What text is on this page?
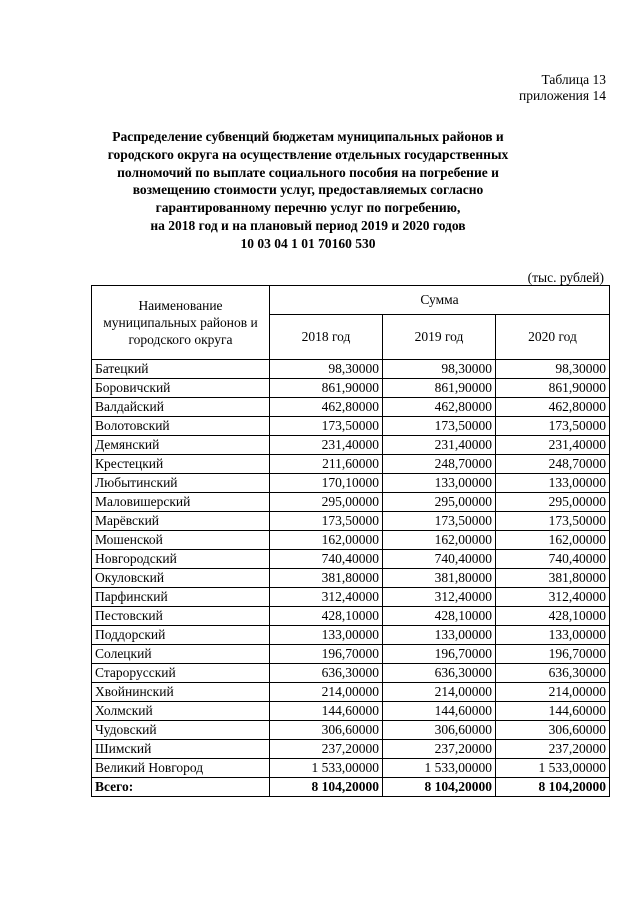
Таблица 13
приложения 14
Распределение субвенций бюджетам муниципальных районов и
городского округа на осуществление отдельных государственных
полномочий по выплате социального пособия на погребение и
возмещению стоимости услуг, предоставляемых согласно
гарантированному перечню услуг по погребению,
на 2018 год и на плановый период 2019 и 2020 годов
10 03 04 1 01 70160 530
(тыс. рублей)
Наименование муниципальных районов и городского округа	Сумма		
	2018 год	2019 год	2020 год
Батецкий	98,30000	98,30000	98,30000
Боровичский	861,90000	861,90000	861,90000
Валдайский	462,80000	462,80000	462,80000
Волотовский	173,50000	173,50000	173,50000
Демянский	231,40000	231,40000	231,40000
Крестецкий	211,60000	248,70000	248,70000
Любытинский	170,10000	133,00000	133,00000
Маловишерский	295,00000	295,00000	295,00000
Марёвский	173,50000	173,50000	173,50000
Мошенской	162,00000	162,00000	162,00000
Новгородский	740,40000	740,40000	740,40000
Окуловский	381,80000	381,80000	381,80000
Парфинский	312,40000	312,40000	312,40000
Пестовский	428,10000	428,10000	428,10000
Поддорский	133,00000	133,00000	133,00000
Солецкий	196,70000	196,70000	196,70000
Старорусский	636,30000	636,30000	636,30000
Хвойнинский	214,00000	214,00000	214,00000
Холмский	144,60000	144,60000	144,60000
Чудовский	306,60000	306,60000	306,60000
Шимский	237,20000	237,20000	237,20000
Великий Новгород	1 533,00000	1 533,00000	1 533,00000
Всего:	8 104,20000	8 104,20000	8 104,20000
